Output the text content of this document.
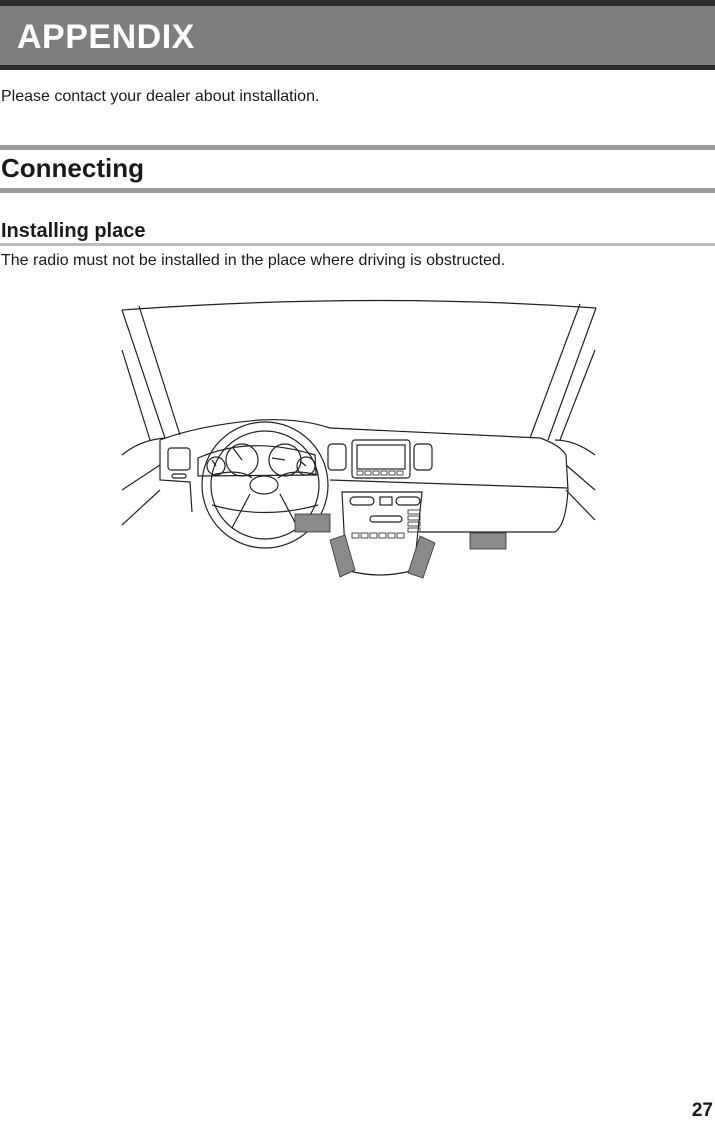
APPENDIX

Please contact your dealer about installation.

Connecting
Installing place

The radio must not be installed in the place where driving is obstructed.

27
